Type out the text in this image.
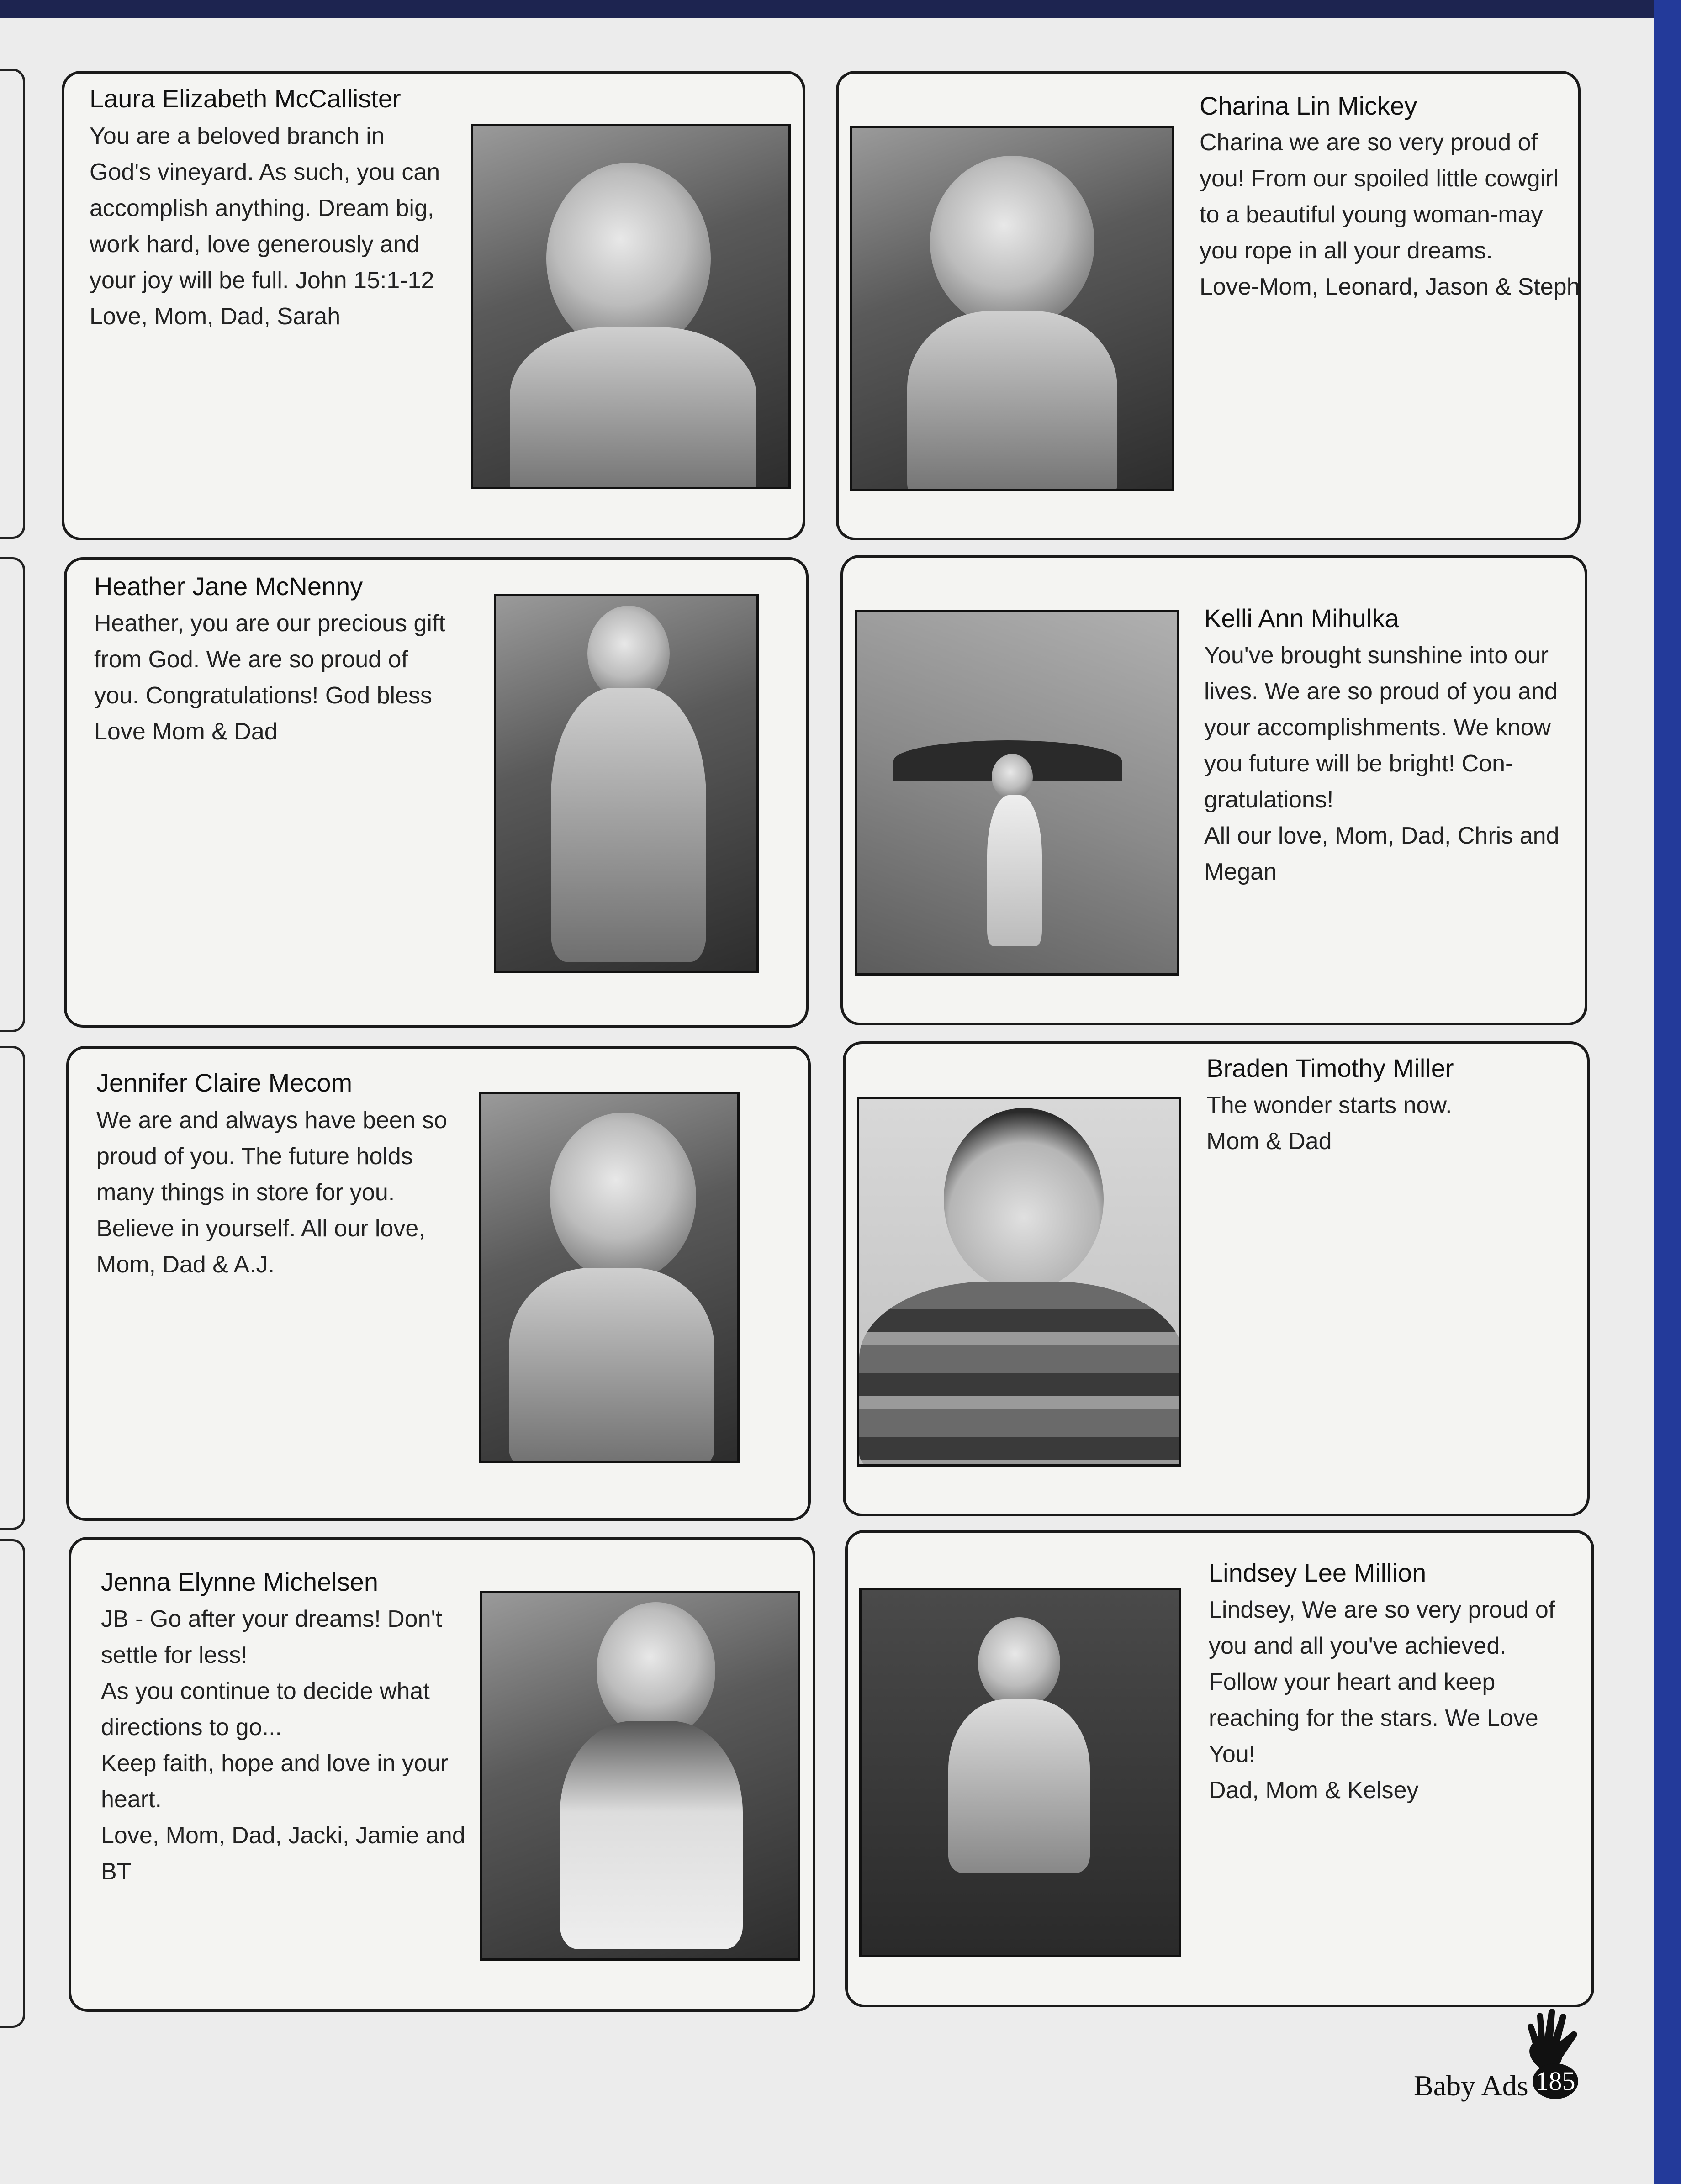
Laura Elizabeth McCallister
You are a beloved branch in
God's vineyard. As such, you can
accomplish anything. Dream big,
work hard, love generously and
your joy will be full. John 15:1-12
Love, Mom, Dad, Sarah
Charina Lin Mickey
Charina we are so very proud of
you! From our spoiled little cowgirl
to a beautiful young woman-may
you rope in all your dreams.
Love-Mom, Leonard, Jason & Steph
Heather Jane McNenny
Heather, you are our precious gift
from God. We are so proud of
you. Congratulations! God bless
Love Mom & Dad
Kelli Ann Mihulka
You've brought sunshine into our
lives. We are so proud of you and
your accomplishments. We know
you future will be bright! Con-
gratulations!
All our love, Mom, Dad, Chris and
Megan
Jennifer Claire Mecom
We are and always have been so
proud of you. The future holds
many things in store for you.
Believe in yourself. All our love,
Mom, Dad & A.J.
Braden Timothy Miller
The wonder starts now.
Mom & Dad
Jenna Elynne Michelsen
JB - Go after your dreams! Don't
settle for less!
As you continue to decide what
directions to go...
Keep faith, hope and love in your
heart.
Love, Mom, Dad, Jacki, Jamie and
BT
Lindsey Lee Million
Lindsey, We are so very proud of
you and all you've achieved.
Follow your heart and keep
reaching for the stars. We Love
You!
Dad, Mom & Kelsey
Baby Ads 185
